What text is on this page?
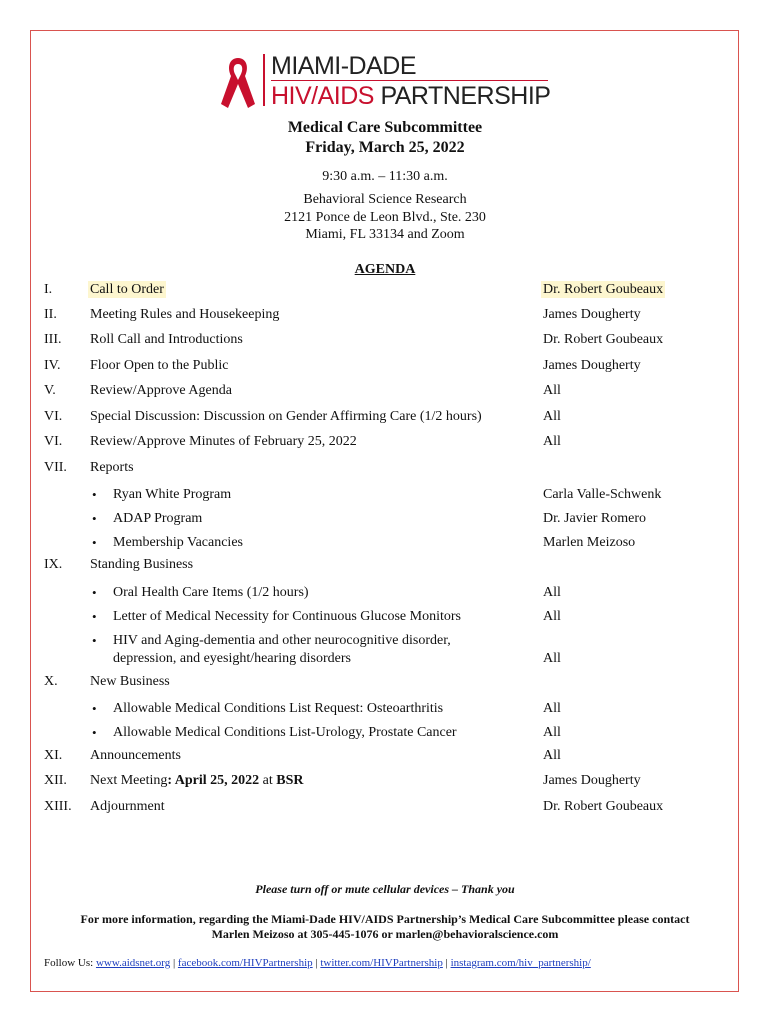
MIAMI-DADE
HIV/AIDS PARTNERSHIP
Medical Care Subcommittee
Friday, March 25, 2022
9:30 a.m. – 11:30 a.m.
Behavioral Science Research
2121 Ponce de Leon Blvd., Ste. 230
Miami, FL 33134 and Zoom
AGENDA
I.	Call to Order	Dr. Robert Goubeaux
II. Meeting Rules and Housekeeping	James Dougherty
III. Roll Call and Introductions	Dr. Robert Goubeaux
IV. Floor Open to the Public	James Dougherty
V. Review/Approve Agenda	All
VI. Special Discussion: Discussion on Gender Affirming Care (1/2 hours)	All
VI. Review/Approve Minutes of February 25, 2022	All
VII. Reports
• Ryan White Program	Carla Valle-Schwenk
• ADAP Program	Dr. Javier Romero
• Membership Vacancies	Marlen Meizoso
IX. Standing Business
• Oral Health Care Items (1/2 hours)	All
• Letter of Medical Necessity for Continuous Glucose Monitors	All
• HIV and Aging-dementia and other neurocognitive disorder,
depression, and eyesight/hearing disorders	All
X. New Business
• Allowable Medical Conditions List Request: Osteoarthritis	All
• Allowable Medical Conditions List-Urology, Prostate Cancer	All
XI. Announcements	All
XII. Next Meeting: April 25, 2022 at BSR	James Dougherty
XIII. Adjournment	Dr. Robert Goubeaux
Please turn off or mute cellular devices – Thank you
For more information, regarding the Miami-Dade HIV/AIDS Partnership’s Medical Care Subcommittee please contact
Marlen Meizoso at 305-445-1076 or marlen@behavioralscience.com
Follow Us: www.aidsnet.org | facebook.com/HIVPartnership | twitter.com/HIVPartnership | instagram.com/hiv_partnership/
